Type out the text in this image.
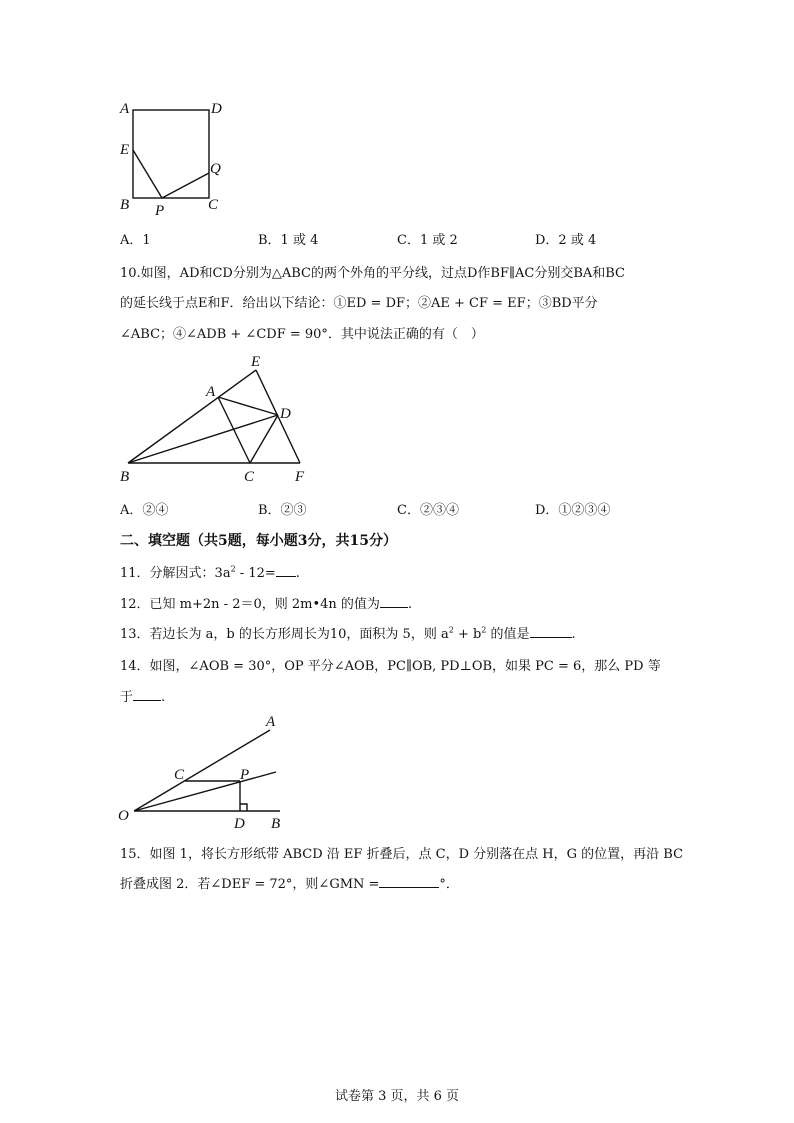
A	D
E
Q
B P	C
A．1	B．1 或 4	C．1 或 2	D．2 或 4
10.如图，AD和CD分别为△ABC的两个外角的平分线，过点D作BF∥AC分别交BA和BC
的延长线于点E和F．给出以下结论：①ED = DF；②AE + CF = EF；③BD平分
∠ABC；④∠ADB + ∠CDF = 90°．其中说法正确的有（　）
E
A
D
B	C	F
A．②④	B．②③	C．②③④	D．①②③④
二、填空题（共5题，每小题3分，共15分）
11．分解因式：$3a^2 - 12=$ .
12．已知 m+2n - 2＝0，则 2m•4n 的值为 .
13．若边长为 a，b 的长方形周长为10，面积为 5，则 $a^2 + b^2$ 的值是	.
14．如图，∠AOB = 30°，OP 平分∠AOB，PC∥OB, PD⊥OB，如果 PC = 6，那么 PD 等
于 .
A
C	P
O	D B
15．如图 1，将长方形纸带 ABCD 沿 EF 折叠后，点 C，D 分别落在点 H，G 的位置，再沿 BC
折叠成图 2．若∠DEF = 72°，则∠GMN =	°．
试卷第 3 页，共 6 页
